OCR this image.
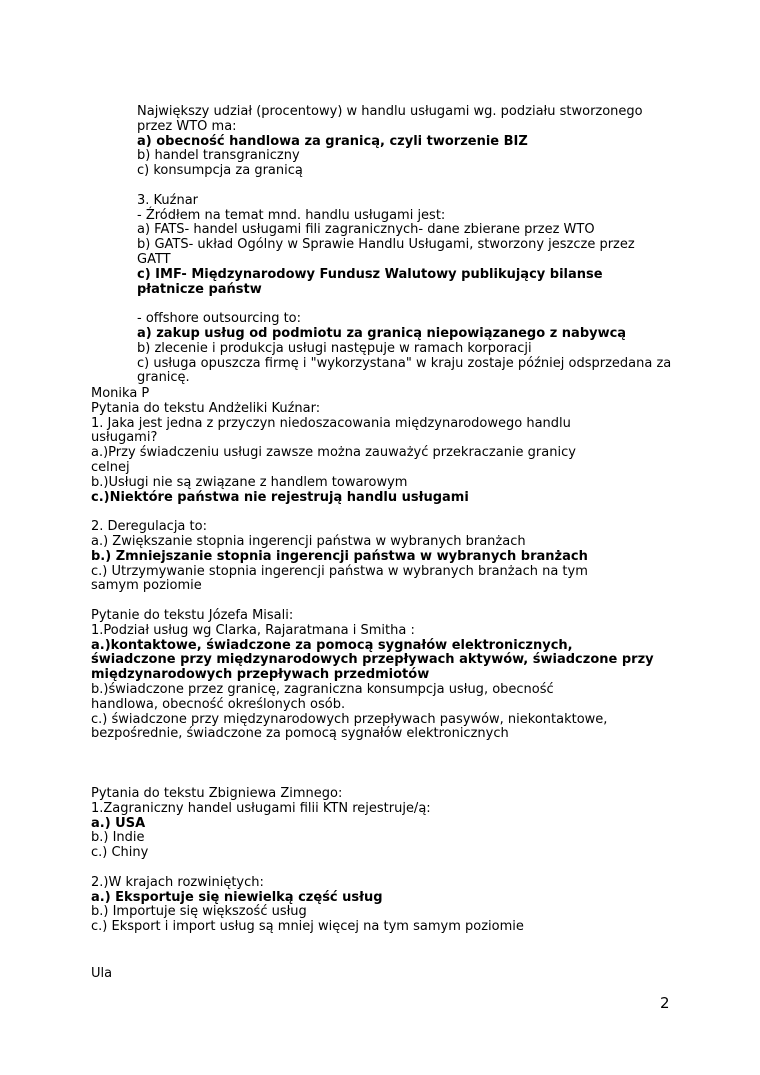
Największy udział (procentowy) w handlu usługami wg. podziału stworzonego
przez WTO ma:
a) obecność handlowa za granicą, czyli tworzenie BIZ
b) handel transgraniczny
c) konsumpcja za granicą
3. Kuźnar
- Źródłem na temat mnd. handlu usługami jest:
a) FATS- handel usługami fili zagranicznych- dane zbierane przez WTO
b) GATS- układ Ogólny w Sprawie Handlu Usługami, stworzony jeszcze przez
GATT
c) IMF- Międzynarodowy Fundusz Walutowy publikujący bilanse
płatnicze państw
- offshore outsourcing to:
a) zakup usług od podmiotu za granicą niepowiązanego z nabywcą
b) zlecenie i produkcja usługi następuje w ramach korporacji
c) usługa opuszcza firmę i "wykorzystana" w kraju zostaje później odsprzedana za
granicę.
Monika P
Pytania do tekstu Andżeliki Kuźnar:
1. Jaka jest jedna z przyczyn niedoszacowania międzynarodowego handlu
usługami?
a.)Przy świadczeniu usługi zawsze można zauważyć przekraczanie granicy
celnej
b.)Usługi nie są związane z handlem towarowym
c.)Niektóre państwa nie rejestrują handlu usługami
2. Deregulacja to:
a.) Zwiększanie stopnia ingerencji państwa w wybranych branżach
b.) Zmniejszanie stopnia ingerencji państwa w wybranych branżach
c.) Utrzymywanie stopnia ingerencji państwa w wybranych branżach na tym
samym poziomie
Pytanie do tekstu Józefa Misali:
1.Podział usług wg Clarka, Rajaratmana i Smitha :
a.)kontaktowe, świadczone za pomocą sygnałów elektronicznych,
świadczone przy międzynarodowych przepływach aktywów, świadczone przy
międzynarodowych przepływach przedmiotów
b.)świadczone przez granicę, zagraniczna konsumpcja usług, obecność
handlowa, obecność określonych osób.
c.) świadczone przy międzynarodowych przepływach pasywów, niekontaktowe,
bezpośrednie, świadczone za pomocą sygnałów elektronicznych
Pytania do tekstu Zbigniewa Zimnego:
1.Zagraniczny handel usługami filii KTN rejestruje/ą:
a.) USA
b.) Indie
c.) Chiny
2.)W krajach rozwiniętych:
a.) Eksportuje się niewielką część usług
b.) Importuje się większość usług
c.) Eksport i import usług są mniej więcej na tym samym poziomie
Ula
2
